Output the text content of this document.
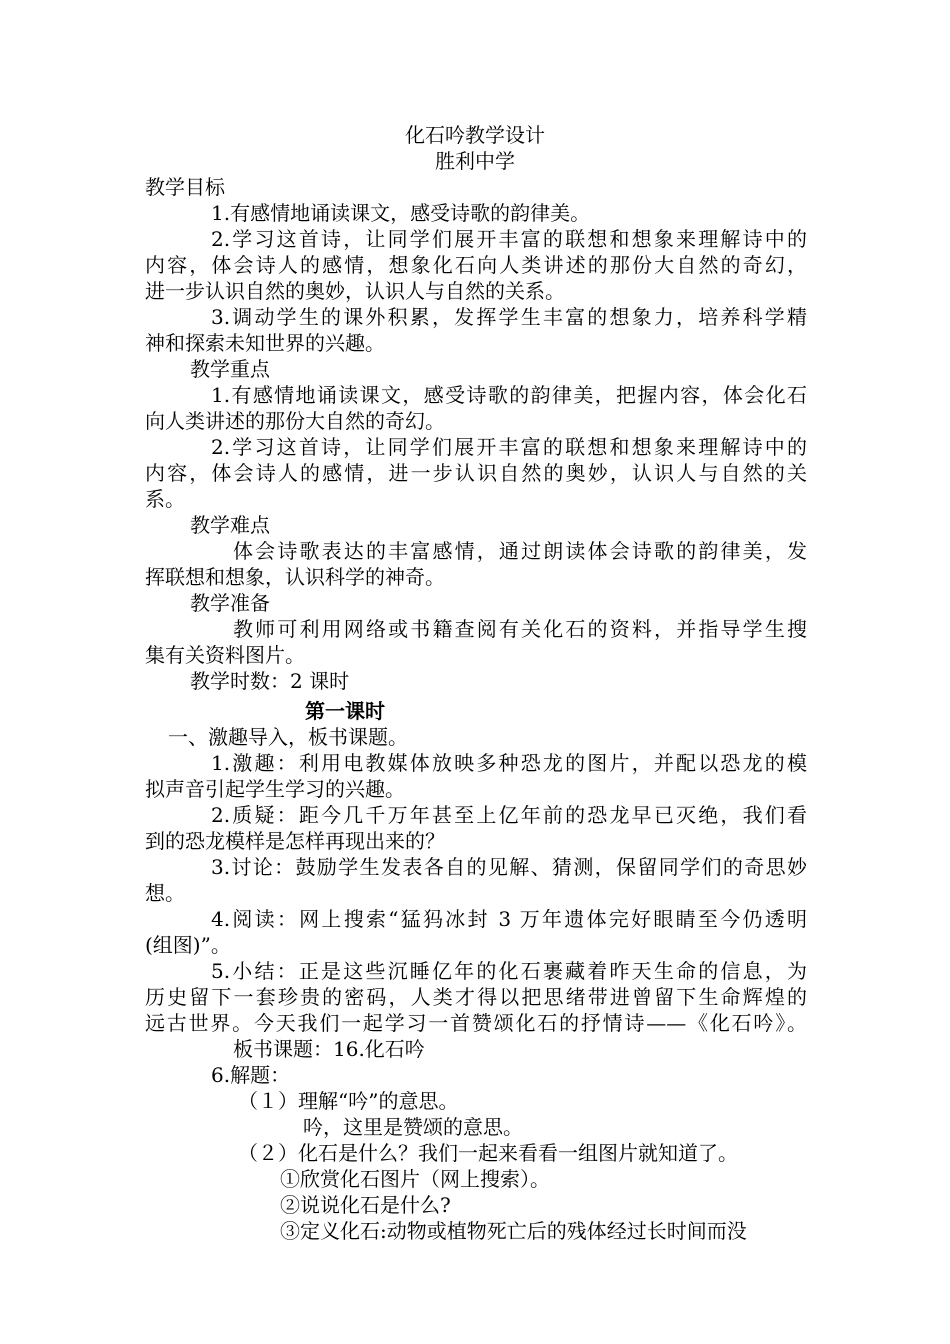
化石吟教学设计
胜利中学
教学目标
1.有感情地诵读课文，感受诗歌的韵律美。
2.学习这首诗，让同学们展开丰富的联想和想象来理解诗中的
内容，体会诗人的感情，想象化石向人类讲述的那份大自然的奇幻，
进一步认识自然的奥妙，认识人与自然的关系。
3.调动学生的课外积累，发挥学生丰富的想象力，培养科学精
神和探索未知世界的兴趣。
教学重点
1.有感情地诵读课文，感受诗歌的韵律美，把握内容，体会化石
向人类讲述的那份大自然的奇幻。
2.学习这首诗，让同学们展开丰富的联想和想象来理解诗中的
内容，体会诗人的感情，进一步认识自然的奥妙，认识人与自然的关
系。
教学难点
体会诗歌表达的丰富感情，通过朗读体会诗歌的韵律美，发
挥联想和想象，认识科学的神奇。
教学准备
教师可利用网络或书籍查阅有关化石的资料，并指导学生搜
集有关资料图片。
教学时数：2 课时
第一课时
一、激趣导入，板书课题。
1.激趣：利用电教媒体放映多种恐龙的图片，并配以恐龙的模
拟声音引起学生学习的兴趣。
2.质疑：距今几千万年甚至上亿年前的恐龙早已灭绝，我们看
到的恐龙模样是怎样再现出来的？
3.讨论：鼓励学生发表各自的见解、猜测，保留同学们的奇思妙
想。
4.阅读：网上搜索“猛犸冰封 3 万年遗体完好眼睛至今仍透明
(组图)”。
5.小结：正是这些沉睡亿年的化石裹藏着昨天生命的信息，为
历史留下一套珍贵的密码，人类才得以把思绪带进曾留下生命辉煌的
远古世界。今天我们一起学习一首赞颂化石的抒情诗——《化石吟》。
板书课题：16.化石吟
6.解题：
（１）理解“吟”的意思。
吟，这里是赞颂的意思。
（２）化石是什么？我们一起来看看一组图片就知道了。
①欣赏化石图片（网上搜索）。
②说说化石是什么?
③定义化石:动物或植物死亡后的残体经过长时间而没
